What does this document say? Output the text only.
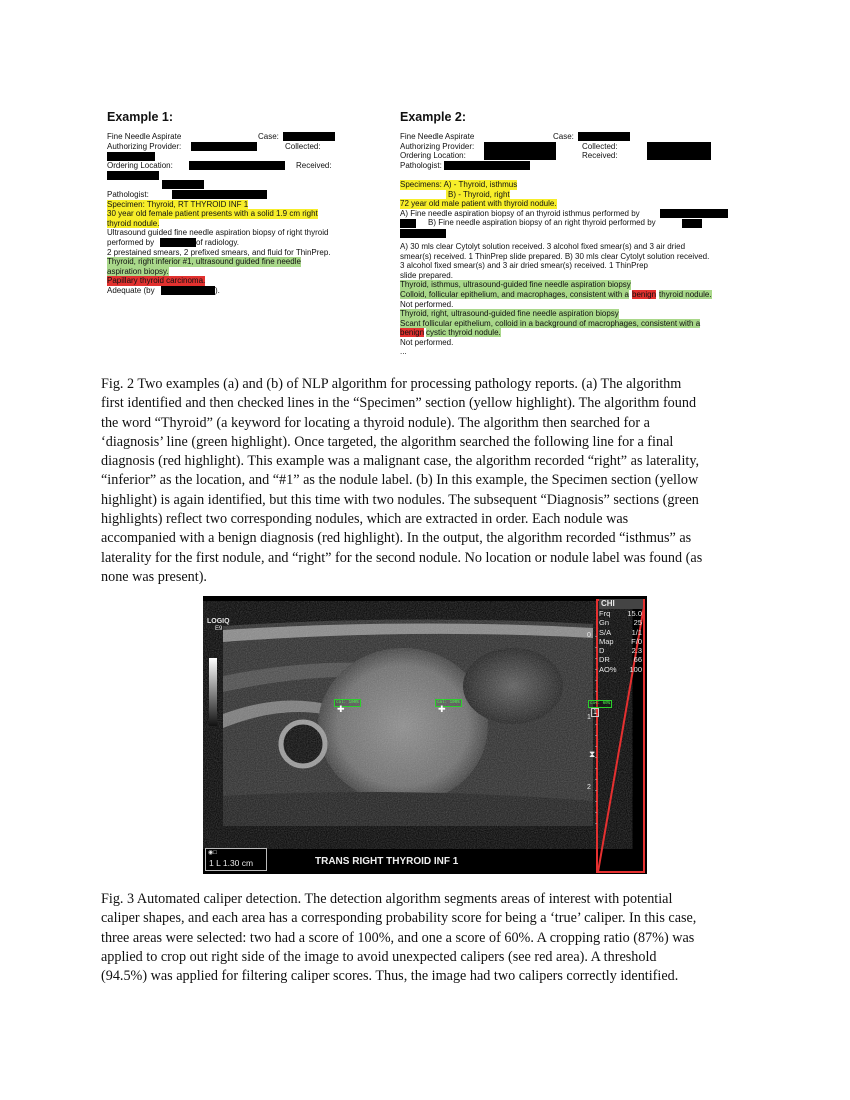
Example 1:
Fine Needle Aspirate	Case:
Authorizing Provider:	Collected:
Ordering Location:	Received:
Pathologist:
Specimen: Thyroid, RT THYROID INF 1
30 year old female patient presents with a solid 1.9 cm right
thyroid nodule.
Ultrasound guided fine needle aspiration biopsy of right thyroid
performed by	of radiology.
2 prestained smears, 2 prefixed smears, and fluid for ThinPrep.
Thyroid, right inferior #1, ultrasound guided fine needle
aspiration biopsy.
Papillary thyroid carcinoma.
Adequate (by	).
Example 2:
Fine Needle Aspirate	Case:
Authorizing Provider:	Collected:
Ordering Location:	Received:
Pathologist:
Specimens: A) - Thyroid, isthmus
B) - Thyroid, right
72 year old male patient with thyroid nodule.
A) Fine needle aspiration biopsy of an thyroid isthmus performed by
B) Fine needle aspiration biopsy of an right thyroid performed by
A) 30 mls clear Cytolyt solution received. 3 alcohol fixed smear(s) and 3 air dried
smear(s) received. 1 ThinPrep slide prepared. B) 30 mls clear Cytolyt solution received.
3 alcohol fixed smear(s) and 3 air dried smear(s) received. 1 ThinPrep
slide prepared.
Thyroid, isthmus, ultrasound-guided fine needle aspiration biopsy
Colloid, follicular epithelium, and macrophages, consistent with a benign thyroid nodule.
Not performed.
Thyroid, right, ultrasound-guided fine needle aspiration biopsy
Scant follicular epithelium, colloid in a background of macrophages, consistent with a
benign cystic thyroid nodule.
Not performed.
...
Fig. 2 Two examples (a) and (b) of NLP algorithm for processing pathology reports. (a) The algorithm
first identified and then checked lines in the “Specimen” section (yellow highlight). The algorithm found
the word “Thyroid” (a keyword for locating a thyroid nodule). The algorithm then searched for a
‘diagnosis’ line (green highlight). Once targeted, the algorithm searched the following line for a final
diagnosis (red highlight). This example was a malignant case, the algorithm recorded “right” as laterality,
“inferior” as the location, and “#1” as the nodule label. (b) In this example, the Specimen section (yellow
highlight) is again identified, but this time with two nodules. The subsequent “Diagnosis” sections (green
highlights) reflect two corresponding nodules, which are extracted in order. Each nodule was
accompanied with a benign diagnosis (red highlight). In the output, the algorithm recorded “isthmus” as
laterality for the first nodule, and “right” for the second nodule. No location or nodule label was found (as
none was present).
LOGIQ
E9
CHI
Frq 15.0
Gn	25
S/A	1/1
Map F/0
D	2.3
DR	66
AO% 100
0
1
2
⧗
cal: 100%
✚
cal: 100%
✚
cal: 60%
1
◉□
1 L 1.30 cm	TRANS RIGHT THYROID INF 1
Fig. 3 Automated caliper detection. The detection algorithm segments areas of interest with potential
caliper shapes, and each area has a corresponding probability score for being a ‘true’ caliper. In this case,
three areas were selected: two had a score of 100%, and one a score of 60%. A cropping ratio (87%) was
applied to crop out right side of the image to avoid unexpected calipers (see red area). A threshold
(94.5%) was applied for filtering caliper scores. Thus, the image had two calipers correctly identified.
